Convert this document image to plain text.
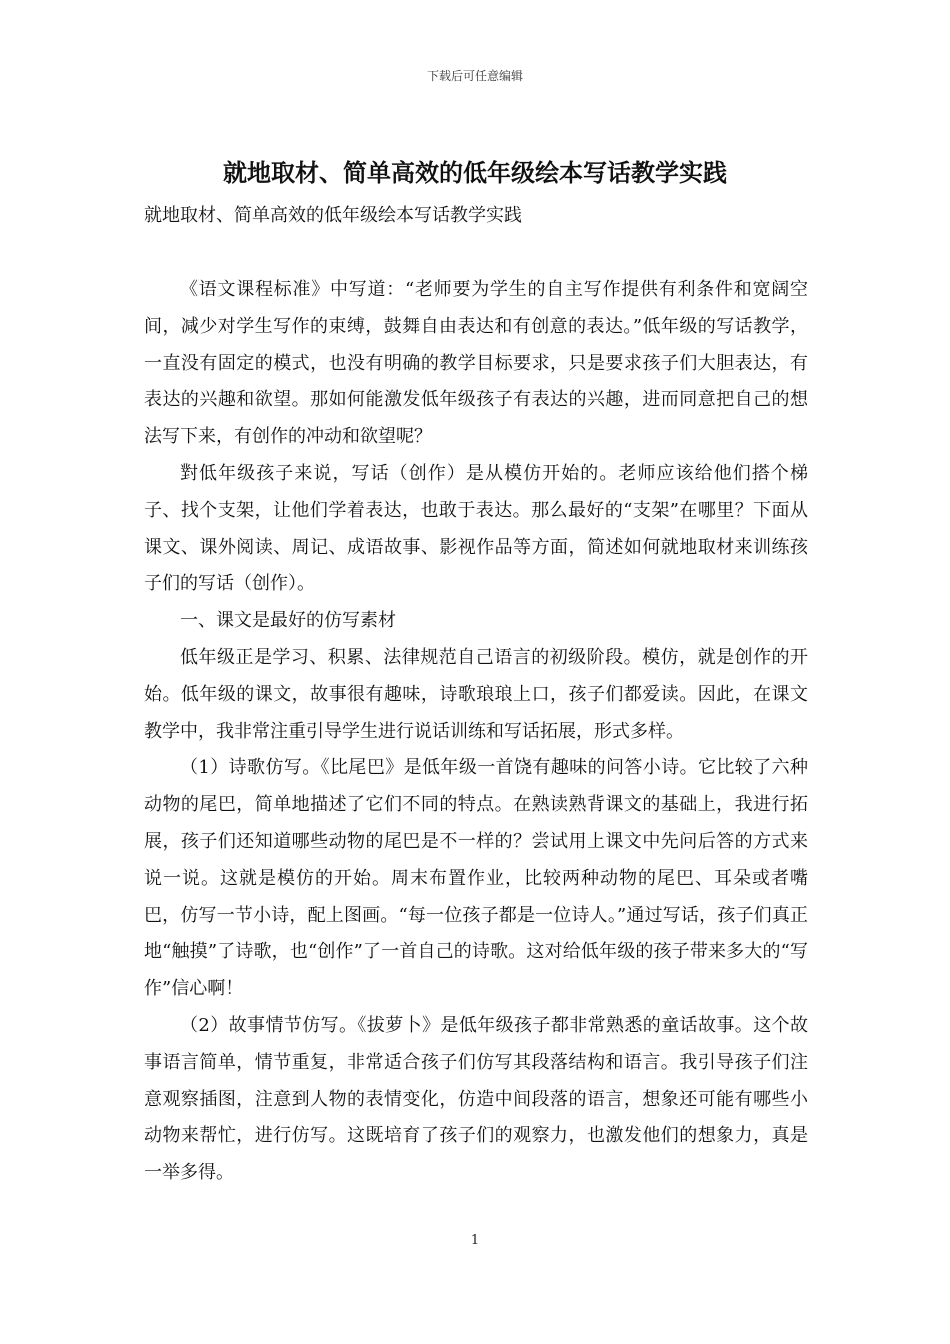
下载后可任意编辑
就地取材、简单高效的低年级绘本写话教学实践

就地取材、简单高效的低年级绘本写话教学实践

《语文课程标准》中写道：“老师要为学生的自主写作提供有利条件和宽阔空间，减少对学生写作的束缚，鼓舞自由表达和有创意的表达。”低年级的写话教学，一直没有固定的模式，也没有明确的教学目标要求，只是要求孩子们大胆表达，有表达的兴趣和欲望。那如何能激发低年级孩子有表达的兴趣，进而同意把自己的想法写下来，有创作的冲动和欲望呢？

對低年级孩子来说，写话（创作）是从模仿开始的。老师应该给他们搭个梯子、找个支架，让他们学着表达，也敢于表达。那么最好的“支架”在哪里？下面从课文、课外阅读、周记、成语故事、影视作品等方面，简述如何就地取材来训练孩子们的写话（创作）。

一、课文是最好的仿写素材

低年级正是学习、积累、法律规范自己语言的初级阶段。模仿，就是创作的开始。低年级的课文，故事很有趣味，诗歌琅琅上口，孩子们都爱读。因此，在课文教学中，我非常注重引导学生进行说话训练和写话拓展，形式多样。

（1）诗歌仿写。《比尾巴》是低年级一首饶有趣味的问答小诗。它比较了六种动物的尾巴，简单地描述了它们不同的特点。在熟读熟背课文的基础上，我进行拓展，孩子们还知道哪些动物的尾巴是不一样的？尝试用上课文中先问后答的方式来说一说。这就是模仿的开始。周末布置作业，比较两种动物的尾巴、耳朵或者嘴巴，仿写一节小诗，配上图画。“每一位孩子都是一位诗人。”通过写话，孩子们真正地“触摸”了诗歌，也“创作”了一首自己的诗歌。这对给低年级的孩子带来多大的“写作”信心啊！

（2）故事情节仿写。《拔萝卜》是低年级孩子都非常熟悉的童话故事。这个故事语言简单，情节重复，非常适合孩子们仿写其段落结构和语言。我引导孩子们注意观察插图，注意到人物的表情变化，仿造中间段落的语言，想象还可能有哪些小动物来帮忙，进行仿写。这既培育了孩子们的观察力，也激发他们的想象力，真是一举多得。

1
